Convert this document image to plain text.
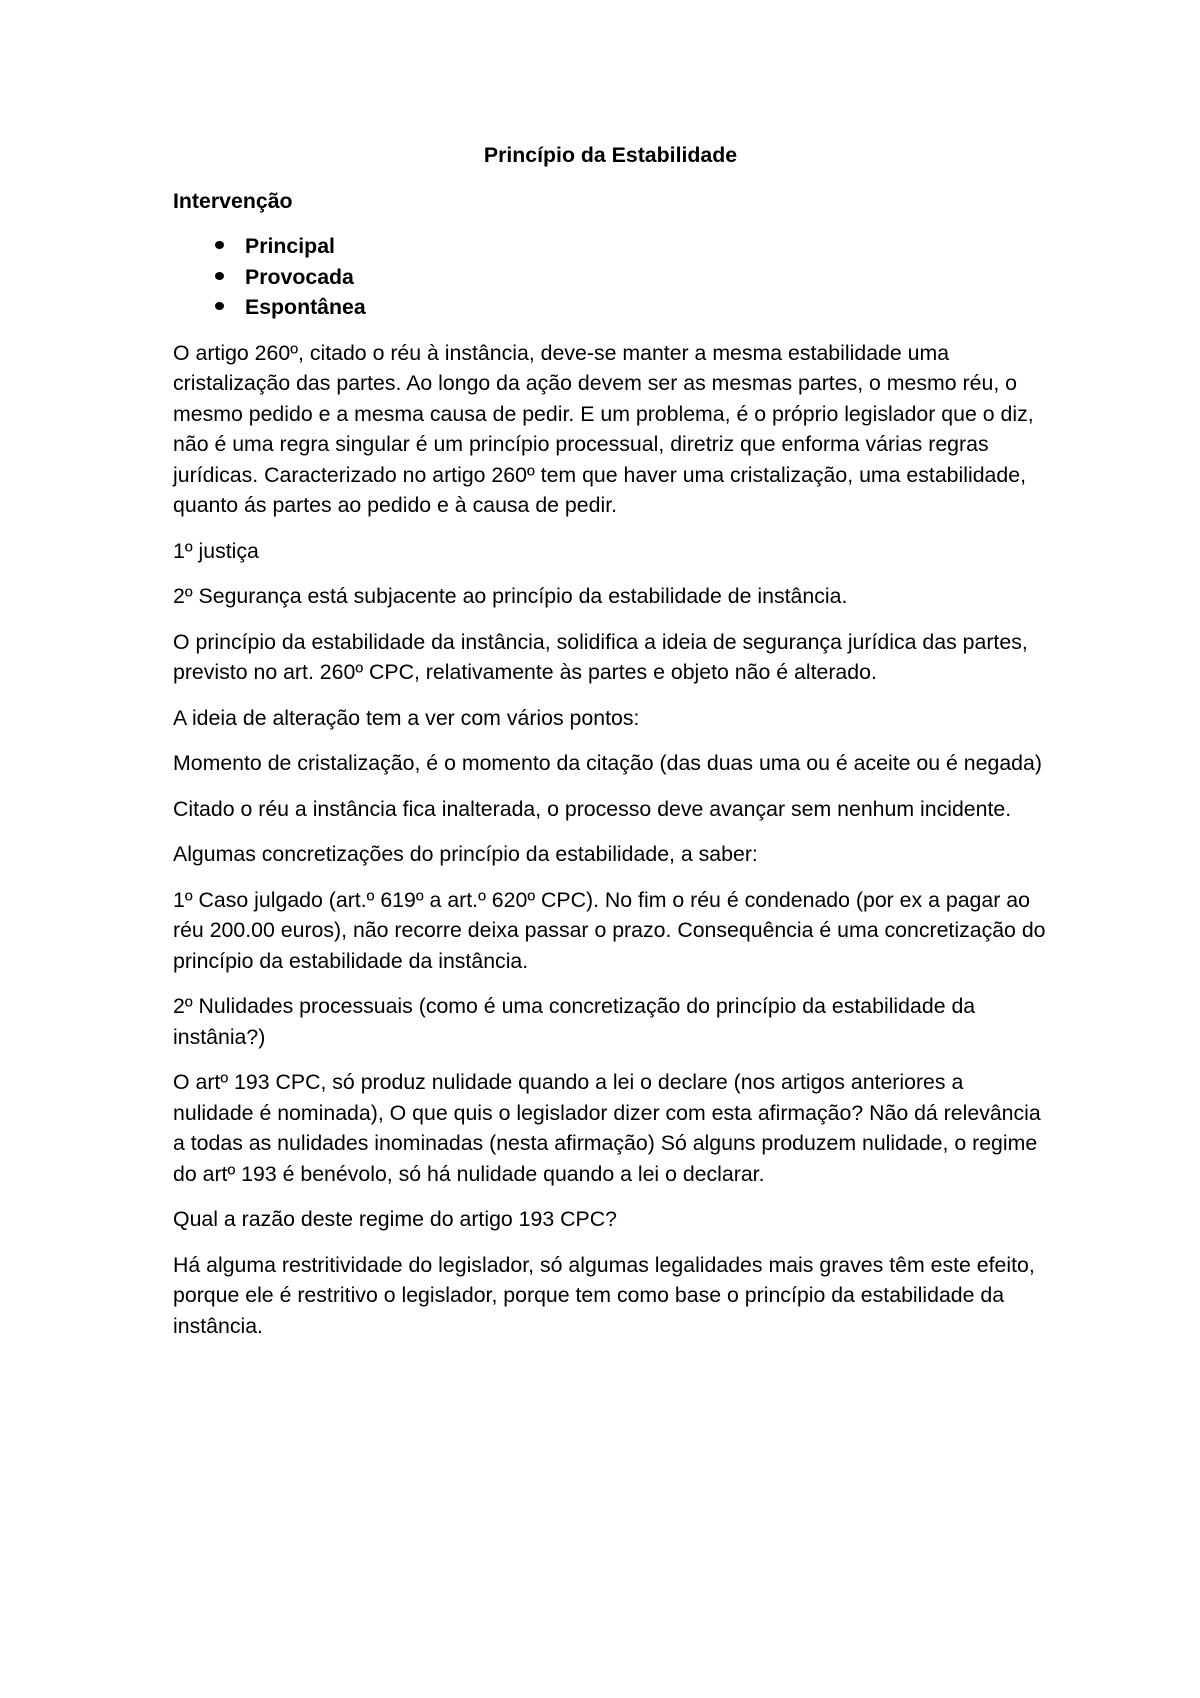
Princípio da Estabilidade
Intervenção
Principal
Provocada
Espontânea

O artigo 260º, citado o réu à instância, deve-se manter a mesma estabilidade uma cristalização das partes. Ao longo da ação devem ser as mesmas partes, o mesmo réu, o mesmo pedido e a mesma causa de pedir. E um problema, é o próprio legislador que o diz, não é uma regra singular é um princípio processual, diretriz que enforma várias regras jurídicas. Caracterizado no artigo 260º tem que haver uma cristalização, uma estabilidade, quanto ás partes ao pedido e à causa de pedir.

1º justiça

2º Segurança está subjacente ao princípio da estabilidade de instância.

O princípio da estabilidade da instância, solidifica a ideia de segurança jurídica das partes, previsto no art. 260º CPC, relativamente às partes e objeto não é alterado.

A ideia de alteração tem a ver com vários pontos:

Momento de cristalização, é o momento da citação (das duas uma ou é aceite ou é negada)

Citado o réu a instância fica inalterada, o processo deve avançar sem nenhum incidente.

Algumas concretizações do princípio da estabilidade, a saber:

1º Caso julgado (art.º 619º a art.º 620º CPC). No fim o réu é condenado (por ex a pagar ao réu 200.00 euros), não recorre deixa passar o prazo. Consequência é uma concretização do princípio da estabilidade da instância.

2º Nulidades processuais (como é uma concretização do princípio da estabilidade da instânia?)

O artº 193 CPC, só produz nulidade quando a lei o declare (nos artigos anteriores a nulidade é nominada), O que quis o legislador dizer com esta afirmação? Não dá relevância a todas as nulidades inominadas (nesta afirmação) Só alguns produzem nulidade, o regime do artº 193 é benévolo, só há nulidade quando a lei o declarar.

Qual a razão deste regime do artigo 193 CPC?

Há alguma restritividade do legislador, só algumas legalidades mais graves têm este efeito, porque ele é restritivo o legislador, porque tem como base o princípio da estabilidade da instância.
